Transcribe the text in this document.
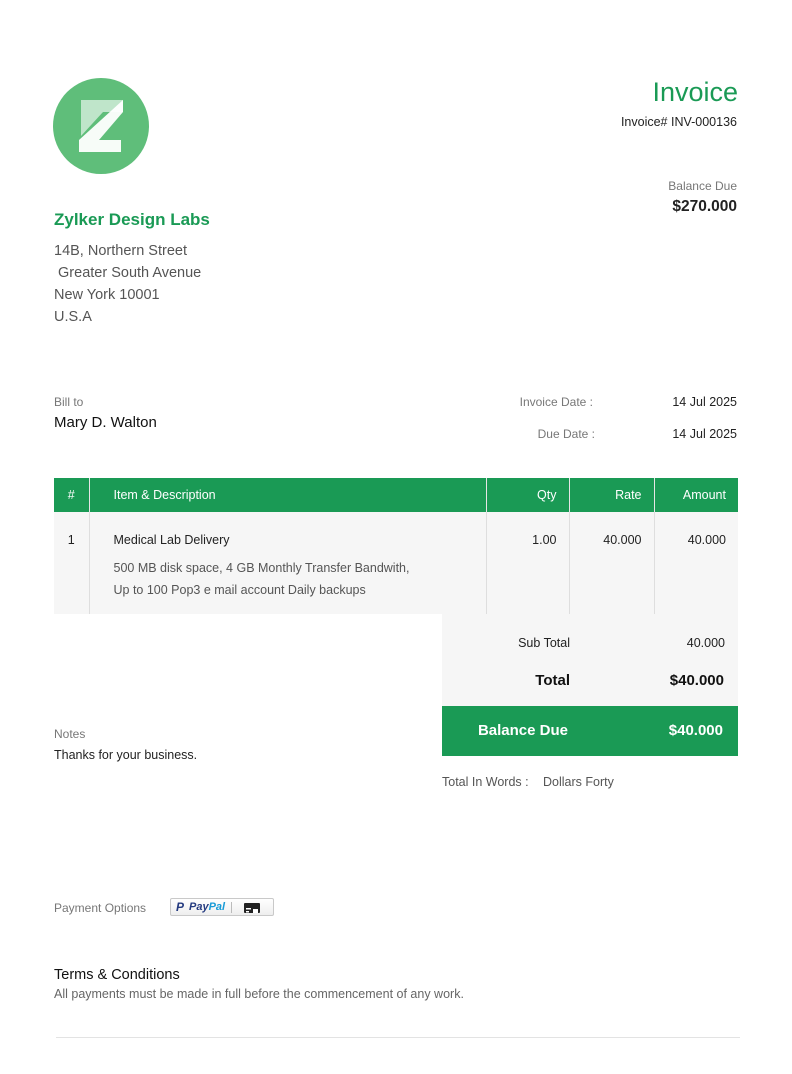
Zylker Design Labs
14B, Northern Street
Greater South Avenue
New York 10001
U.S.A
Invoice
Invoice# INV-000136
Balance Due
$270.000
Bill to
Mary D. Walton
Invoice Date :	14 Jul 2025
Due Date :	14 Jul 2025
#	Item & Description	Qty	Rate	Amount
1	Medical Lab Delivery
500 MB disk space, 4 GB Monthly Transfer Bandwith,
Up to 100 Pop3 e mail account Daily backups	1.00	40.000	40.000
Sub Total	40.000
Total	$40.000
Balance Due	$40.000
Total In Words : Dollars Forty
Notes
Thanks for your business.
Payment Options P PayPal
Terms & Conditions
All payments must be made in full before the commencement of any work.
